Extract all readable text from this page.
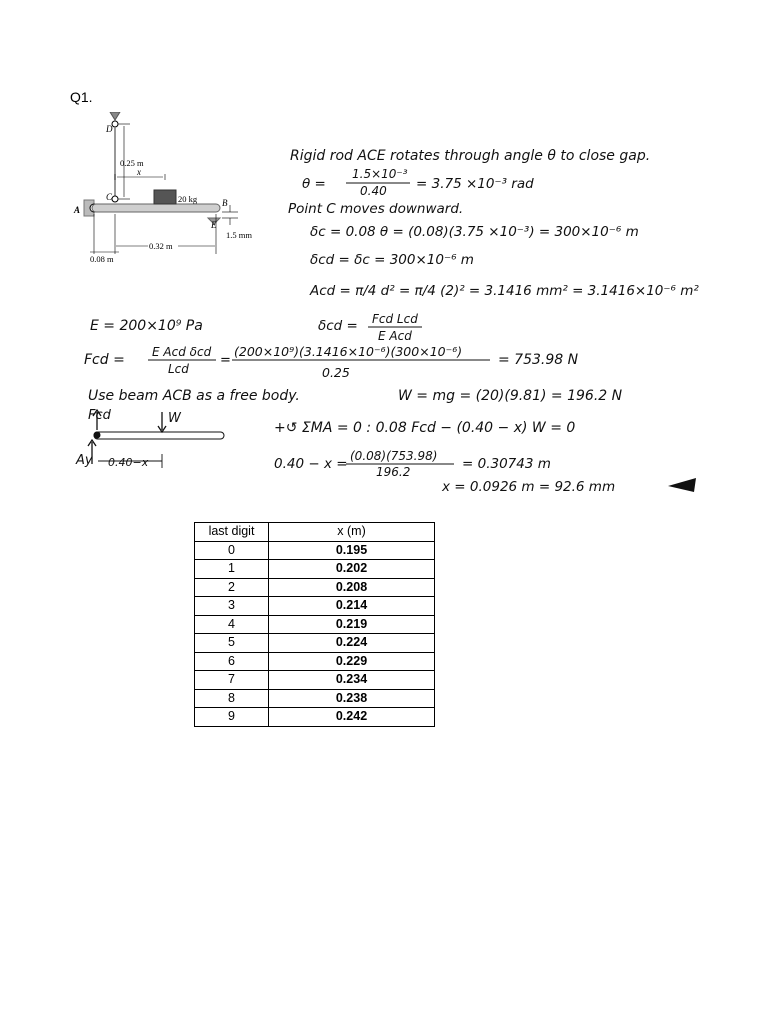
Q1.
D
C
A
B
E
20 kg
x
0.25 m
0.32 m
0.08 m
1.5 mm
Rigid rod ACE rotates through angle θ to close gap.
θ =
1.5×10⁻³
0.40 = 3.75 ×10⁻³ rad
Point C moves downward.
δc = 0.08 θ = (0.08)(3.75 ×10⁻³) = 300×10⁻⁶ m
δcd = δc = 300×10⁻⁶ m
Acd = π/4 d² = π/4 (2)² = 3.1416 mm² = 3.1416×10⁻⁶ m²
E = 200×10⁹ Pa	δcd = Fcd Lcd
E Acd
Fcd = E Acd δcd
Lcd
=
(200×10⁹)(3.1416×10⁻⁶)(300×10⁻⁶)
0.25
= 753.98 N
Use beam ACB as a free body.	W = mg = (20)(9.81) = 196.2 N
Fcd	W
Ay 0.40−x
+↺ ΣMA = 0 : 0.08 Fcd − (0.40 − x) W = 0
0.40 − x = (0.08)(753.98)
196.2	= 0.30743 m
x = 0.0926 m = 92.6 mm
last digit	x (m)
0	0.195
1	0.202
2	0.208
3	0.214
4	0.219
5	0.224
6	0.229
7	0.234
8	0.238
9	0.242
